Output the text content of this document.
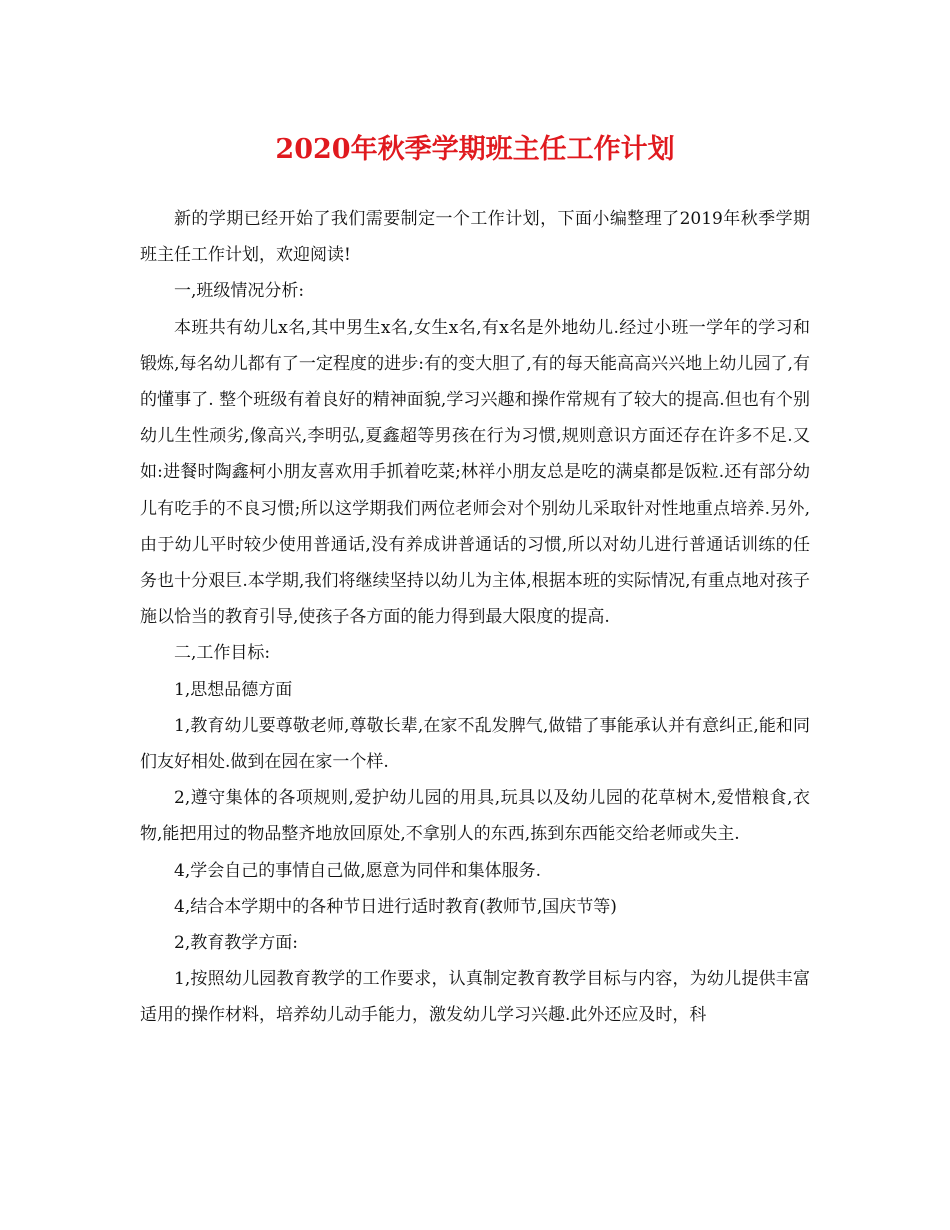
2020年秋季学期班主任工作计划

新的学期已经开始了我们需要制定一个工作计划，下面小编整理了2019年秋季学期班主任工作计划，欢迎阅读!

一,班级情况分析:

本班共有幼儿x名,其中男生x名,女生x名,有x名是外地幼儿.经过小班一学年的学习和锻炼,每名幼儿都有了一定程度的进步:有的变大胆了,有的每天能高高兴兴地上幼儿园了,有的懂事了. 整个班级有着良好的精神面貌,学习兴趣和操作常规有了较大的提高.但也有个别幼儿生性顽劣,像高兴,李明弘,夏鑫超等男孩在行为习惯,规则意识方面还存在许多不足.又如:进餐时陶鑫柯小朋友喜欢用手抓着吃菜;林祥小朋友总是吃的满桌都是饭粒.还有部分幼儿有吃手的不良习惯;所以这学期我们两位老师会对个别幼儿采取针对性地重点培养.另外,由于幼儿平时较少使用普通话,没有养成讲普通话的习惯,所以对幼儿进行普通话训练的任务也十分艰巨.本学期,我们将继续坚持以幼儿为主体,根据本班的实际情况,有重点地对孩子施以恰当的教育引导,使孩子各方面的能力得到最大限度的提高.

二,工作目标:

1,思想品德方面

1,教育幼儿要尊敬老师,尊敬长辈,在家不乱发脾气,做错了事能承认并有意纠正,能和同们友好相处.做到在园在家一个样.

2,遵守集体的各项规则,爱护幼儿园的用具,玩具以及幼儿园的花草树木,爱惜粮食,衣物,能把用过的物品整齐地放回原处,不拿别人的东西,拣到东西能交给老师或失主.

4,学会自己的事情自己做,愿意为同伴和集体服务.

4,结合本学期中的各种节日进行适时教育(教师节,国庆节等)

2,教育教学方面:

1,按照幼儿园教育教学的工作要求，认真制定教育教学目标与内容，为幼儿提供丰富适用的操作材料，培养幼儿动手能力，激发幼儿学习兴趣.此外还应及时，科
